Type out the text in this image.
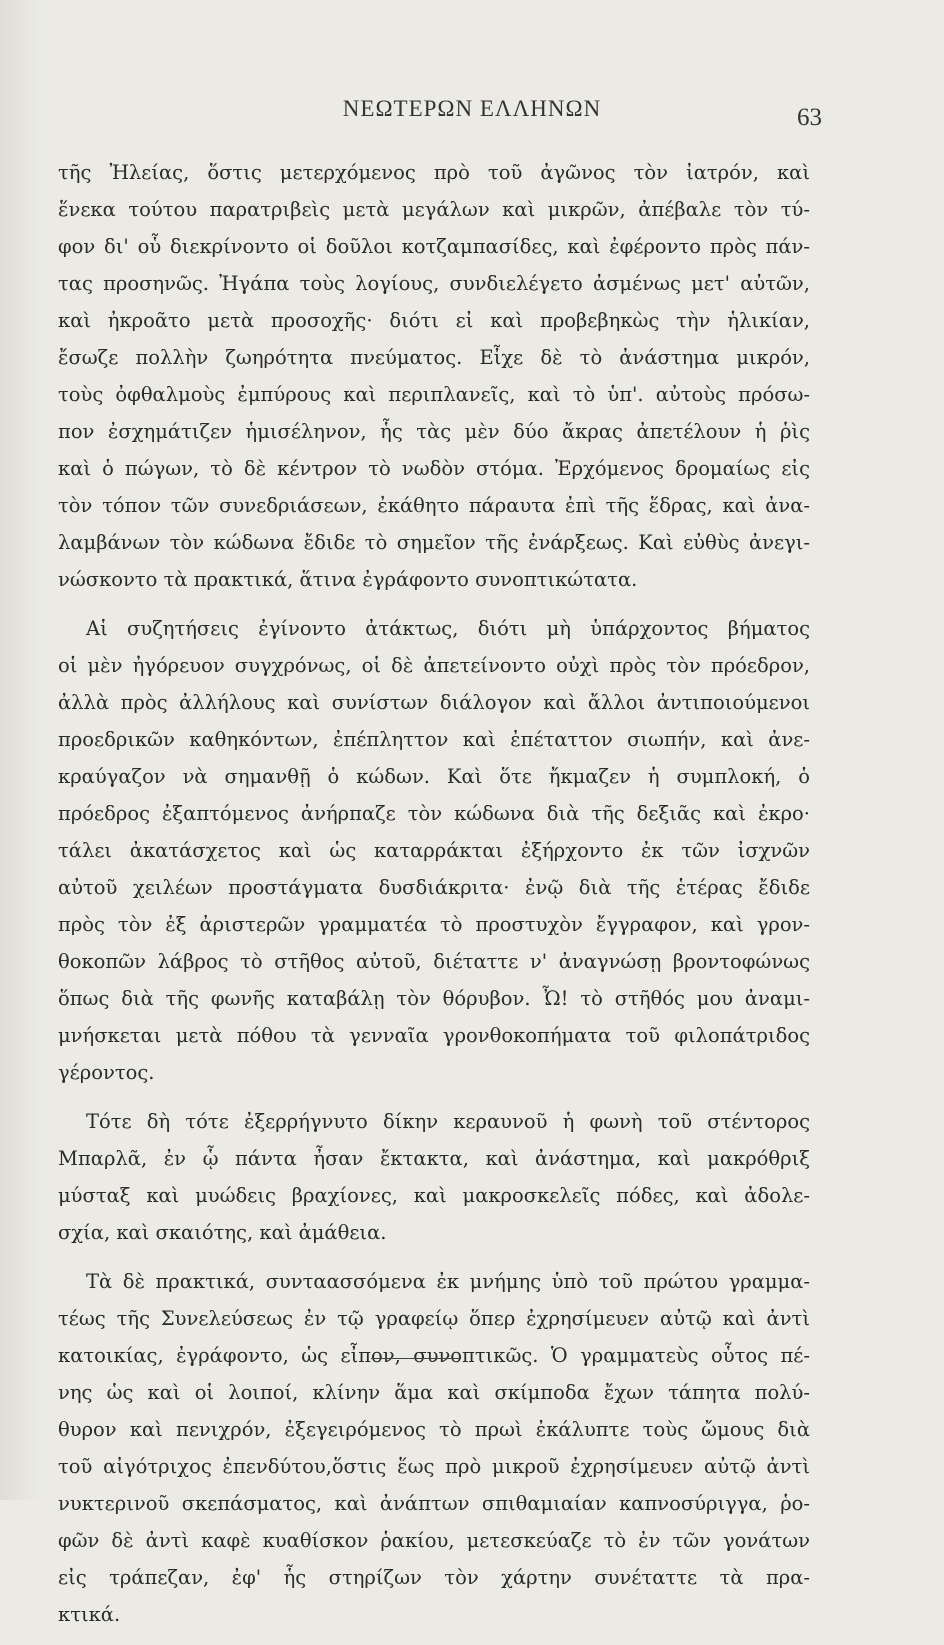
ΝΕΩΤΕΡΩΝ ΕΛΛΗΝΩΝ	63
τῆς Ἠλείας, ὅστις μετερχόμενος πρὸ τοῦ ἀγῶνος τὸν ἰατρόν, καὶ
ἕνεκα τούτου παρατριβεὶς μετὰ μεγάλων καὶ μικρῶν, ἀπέβαλε τὸν τύ-
φον δι' οὗ διεκρίνοντο οἱ δοῦλοι κοτζαμπασίδες, καὶ ἐφέροντο πρὸς πάν-
τας προσηνῶς. Ἠγάπα τοὺς λογίους, συνδιελέγετο ἀσμένως μετ' αὐτῶν,
καὶ ἠκροᾶτο μετὰ προσοχῆς· διότι εἰ καὶ προβεβηκὼς τὴν ἡλικίαν,
ἔσωζε πολλὴν ζωηρότητα πνεύματος. Εἶχε δὲ τὸ ἀνάστημα μικρόν,
τοὺς ὀφθαλμοὺς ἐμπύρους καὶ περιπλανεῖς, καὶ τὸ ὑπ'. αὐτοὺς πρόσω-
πον ἐσχημάτιζεν ἡμισέληνον, ἧς τὰς μὲν δύο ἄκρας ἀπετέλουν ἡ ῥὶς
καὶ ὁ πώγων, τὸ δὲ κέντρον τὸ νωδὸν στόμα. Ἐρχόμενος δρομαίως εἰς
τὸν τόπον τῶν συνεδριάσεων, ἐκάθητο πάραυτα ἐπὶ τῆς ἕδρας, καὶ ἀνα-
λαμβάνων τὸν κώδωνα ἔδιδε τὸ σημεῖον τῆς ἐνάρξεως. Καὶ εὐθὺς ἀνεγι-
νώσκοντο τὰ πρακτικά, ἅτινα ἐγράφοντο συνοπτικώτατα.
Αἱ συζητήσεις ἐγίνοντο ἀτάκτως, διότι μὴ ὑπάρχοντος βήματος
οἱ μὲν ἠγόρευον συγχρόνως, οἱ δὲ ἀπετείνοντο οὐχὶ πρὸς τὸν πρόεδρον,
ἀλλὰ πρὸς ἀλλήλους καὶ συνίστων διάλογον καὶ ἄλλοι ἀντιποιούμενοι
προεδρικῶν καθηκόντων, ἐπέπληττον καὶ ἐπέταττον σιωπήν, καὶ ἀνε-
κραύγαζον νὰ σημανθῇ ὁ κώδων. Καὶ ὅτε ἤκμαζεν ἡ συμπλοκή, ὁ
πρόεδρος ἐξαπτόμενος ἀνήρπαζε τὸν κώδωνα διὰ τῆς δεξιᾶς καὶ ἐκρο·
τάλει ἀκατάσχετος καὶ ὡς καταρράκται ἐξήρχοντο ἐκ τῶν ἰσχνῶν
αὐτοῦ χειλέων προστάγματα δυσδιάκριτα· ἐνῷ διὰ τῆς ἑτέρας ἔδιδε
πρὸς τὸν ἐξ ἀριστερῶν γραμματέα τὸ προστυχὸν ἔγγραφον, καὶ γρον-
θοκοπῶν λάβρος τὸ στῆθος αὐτοῦ, διέταττε ν' ἀναγνώσῃ βροντοφώνως
ὅπως διὰ τῆς φωνῆς καταβάλῃ τὸν θόρυβον. Ὦ! τὸ στῆθός μου ἀναμι-
μνήσκεται μετὰ πόθου τὰ γενναῖα γρονθοκοπήματα τοῦ φιλοπάτριδος
γέροντος.
Τότε δὴ τότε ἐξερρήγνυτο δίκην κεραυνοῦ ἡ φωνὴ τοῦ στέντορος
Μπαρλᾶ, ἐν ᾧ πάντα ἦσαν ἔκτακτα, καὶ ἀνάστημα, καὶ μακρόθριξ
μύσταξ καὶ μυώδεις βραχίονες, καὶ μακροσκελεῖς πόδες, καὶ ἀδολε-
σχία, καὶ σκαιότης, καὶ ἀμάθεια.
Τὰ δὲ πρακτικά, συνταασσόμενα ἐκ μνήμης ὑπὸ τοῦ πρώτου γραμμα-
τέως τῆς Συνελεύσεως ἐν τῷ γραφείῳ ὅπερ ἐχρησίμευεν αὐτῷ καὶ ἀντὶ
κατοικίας, ἐγράφοντο, ὡς εἶπον, συνοπτικῶς. Ὁ γραμματεὺς οὗτος πέ-
νης ὡς καὶ οἱ λοιποί, κλίνην ἅμα καὶ σκίμποδα ἔχων τάπητα πολύ-
θυρον καὶ πενιχρόν, ἐξεγειρόμενος τὸ πρωὶ ἐκάλυπτε τοὺς ὤμους διὰ
τοῦ αἰγότριχος ἐπενδύτου,ὅστις ἕως πρὸ μικροῦ ἐχρησίμευεν αὐτῷ ἀντὶ
νυκτερινοῦ σκεπάσματος, καὶ ἀνάπτων σπιθαμιαίαν καπνοσύριγγα, ῥο-
φῶν δὲ ἀντὶ καφὲ κυαθίσκον ῥακίου, μετεσκεύαζε τὸ ἐν τῶν γονάτων
εἰς τράπεζαν, ἐφ' ἧς στηρίζων τὸν χάρτην συνέταττε τὰ πρα-
κτικά.
